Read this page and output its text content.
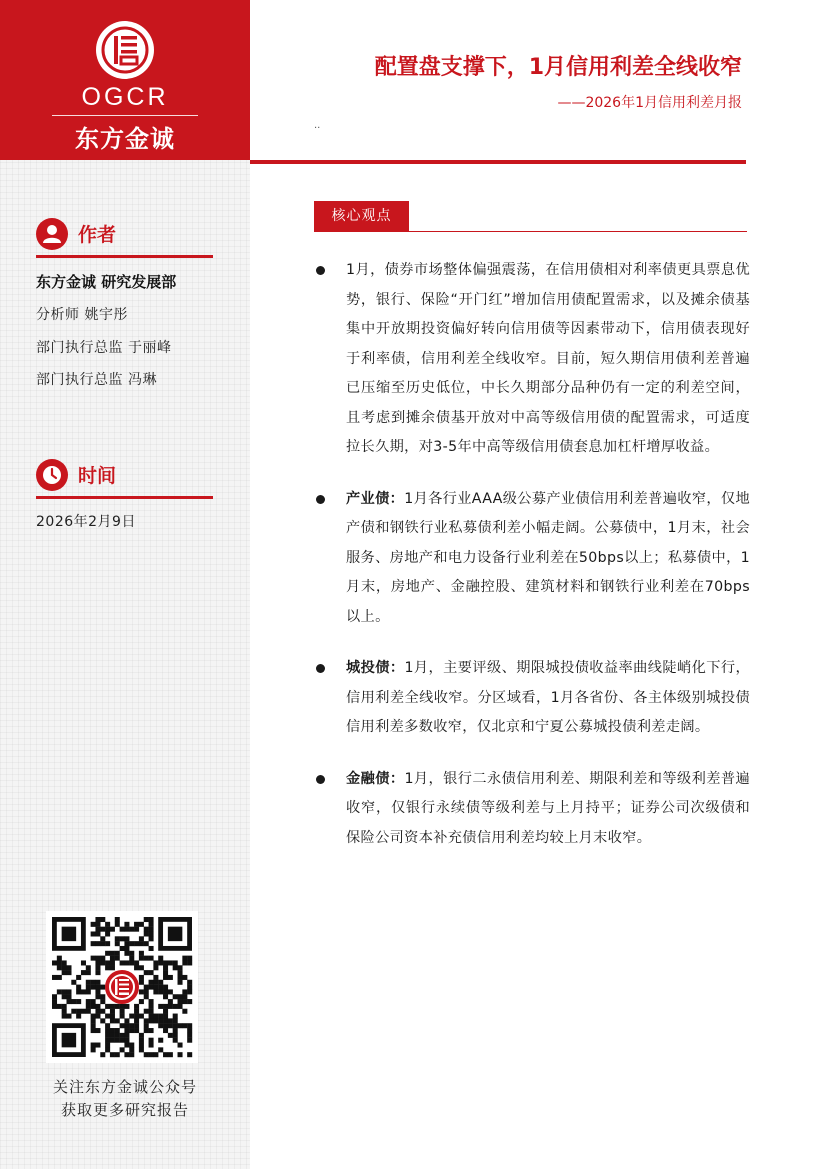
OGCR
东方金诚
作者
东方金诚 研究发展部
分析师 姚宇彤
部门执行总监 于丽峰
部门执行总监 冯琳
时间
2026年2月9日
关注东方金诚公众号
获取更多研究报告
配置盘支撑下，1月信用利差全线收窄
——2026年1月信用利差月报
..
核心观点

1月，债券市场整体偏强震荡，在信用债相对利率债更具票息优势，银行、保险“开门红”增加信用债配置需求，以及摊余债基集中开放期投资偏好转向信用债等因素带动下，信用债表现好于利率债，信用利差全线收窄。目前，短久期信用债利差普遍已压缩至历史低位，中长久期部分品种仍有一定的利差空间，且考虑到摊余债基开放对中高等级信用债的配置需求，可适度拉长久期，对3-5年中高等级信用债套息加杠杆增厚收益。

产业债：1月各行业AAA级公募产业债信用利差普遍收窄，仅地产债和钢铁行业私募债利差小幅走阔。公募债中，1月末，社会服务、房地产和电力设备行业利差在50bps以上；私募债中，1月末，房地产、金融控股、建筑材料和钢铁行业利差在70bps以上。

城投债：1月，主要评级、期限城投债收益率曲线陡峭化下行，信用利差全线收窄。分区域看，1月各省份、各主体级别城投债信用利差多数收窄，仅北京和宁夏公募城投债利差走阔。

金融债：1月，银行二永债信用利差、期限利差和等级利差普遍收窄，仅银行永续债等级利差与上月持平；证券公司次级债和保险公司资本补充债信用利差均较上月末收窄。
